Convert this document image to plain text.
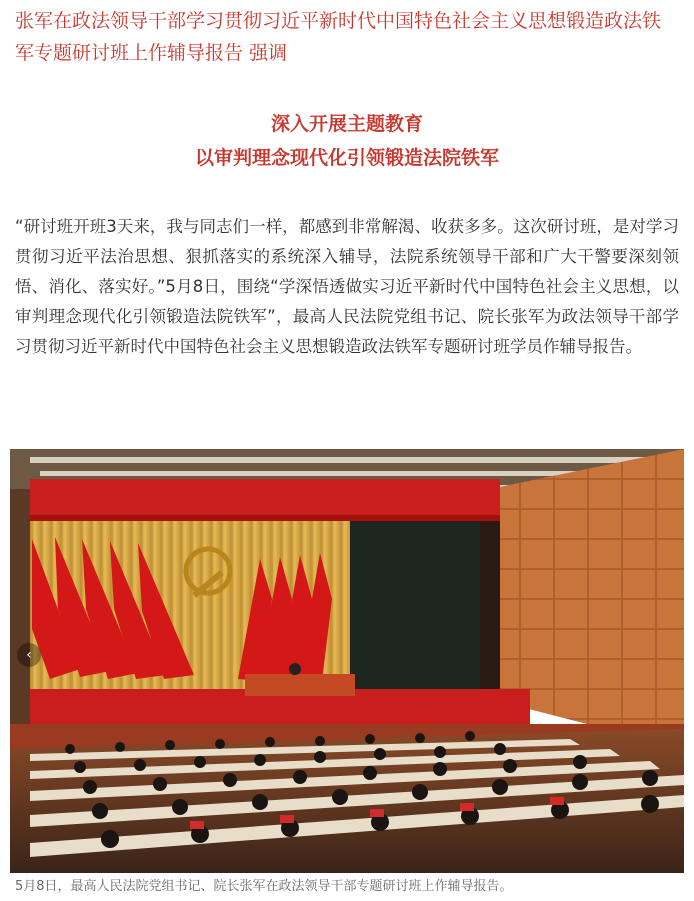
张军在政法领导干部学习贯彻习近平新时代中国特色社会主义思想锻造政法铁军专题研讨班上作辅导报告 强调
深入开展主题教育
以审判理念现代化引领锻造法院铁军
“研讨班开班3天来，我与同志们一样，都感到非常解渴、收获多多。这次研讨班，是对学习贯彻习近平法治思想、狠抓落实的系统深入辅导，法院系统领导干部和广大干警要深刻领悟、消化、落实好。”5月8日，围绕“学深悟透做实习近平新时代中国特色社会主义思想，以审判理念现代化引领锻造法院铁军”，最高人民法院党组书记、院长张军为政法领导干部学习贯彻习近平新时代中国特色社会主义思想锻造政法铁军专题研讨班学员作辅导报告。
‹
5月8日，最高人民法院党组书记、院长张军在政法领导干部专题研讨班上作辅导报告。
